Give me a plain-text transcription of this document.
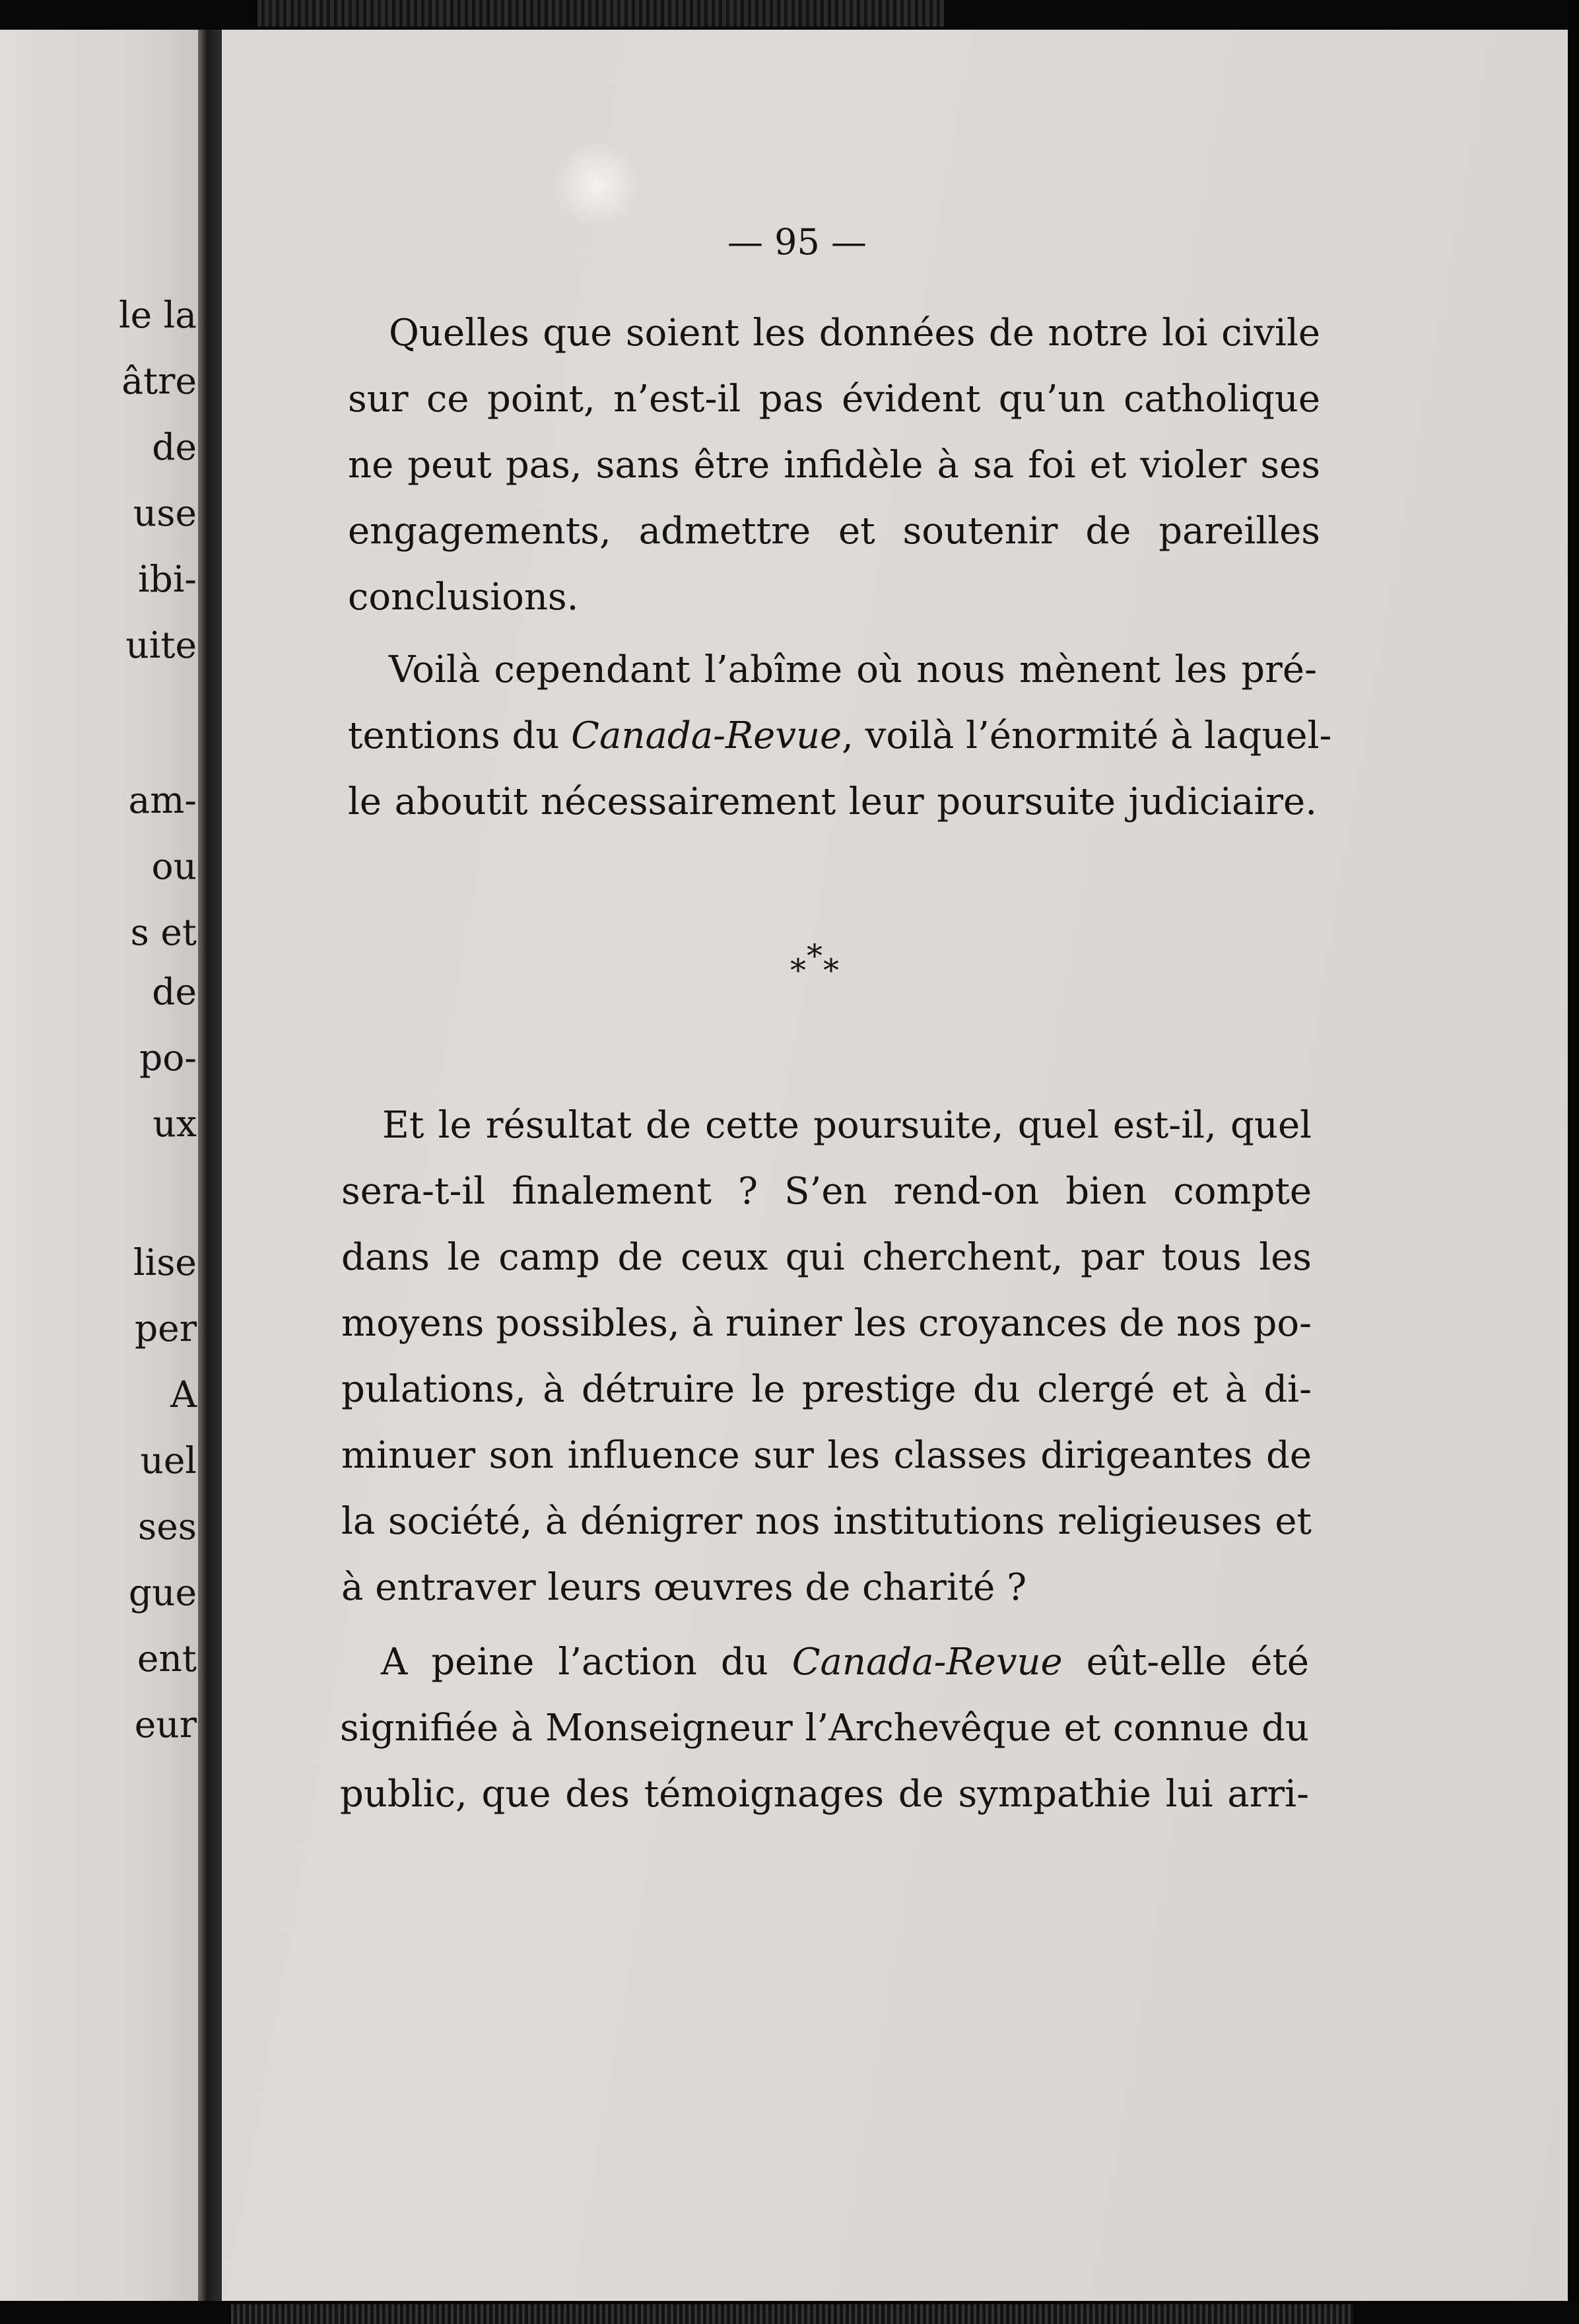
le la
âtre
de
use
ibi-
uite
am-
ou
s et
de
po-
ux
lise
per
A
uel
ses
gue
ent
eur
— 95 —
Quelles que soient les données de notre loi civile
sur ce point, n’est-il pas évident qu’un catholique
ne peut pas, sans être infidèle à sa foi et violer ses
engagements, admettre et soutenir de pareilles
conclusions.
Voilà cependant l’abîme où nous mènent les pré-
tentions du Canada-Revue, voilà l’énormité à laquel-
le aboutit nécessairement leur poursuite judiciaire.
*
* *
Et le résultat de cette poursuite, quel est-il, quel
sera-t-il finalement ? S’en rend-on bien compte
dans le camp de ceux qui cherchent, par tous les
moyens possibles, à ruiner les croyances de nos po-
pulations, à détruire le prestige du clergé et à di-
minuer son influence sur les classes dirigeantes de
la société, à dénigrer nos institutions religieuses et
à entraver leurs œuvres de charité ?
A peine l’action du Canada-Revue eût-elle été
signifiée à Monseigneur l’Archevêque et connue du
public, que des témoignages de sympathie lui arri-
